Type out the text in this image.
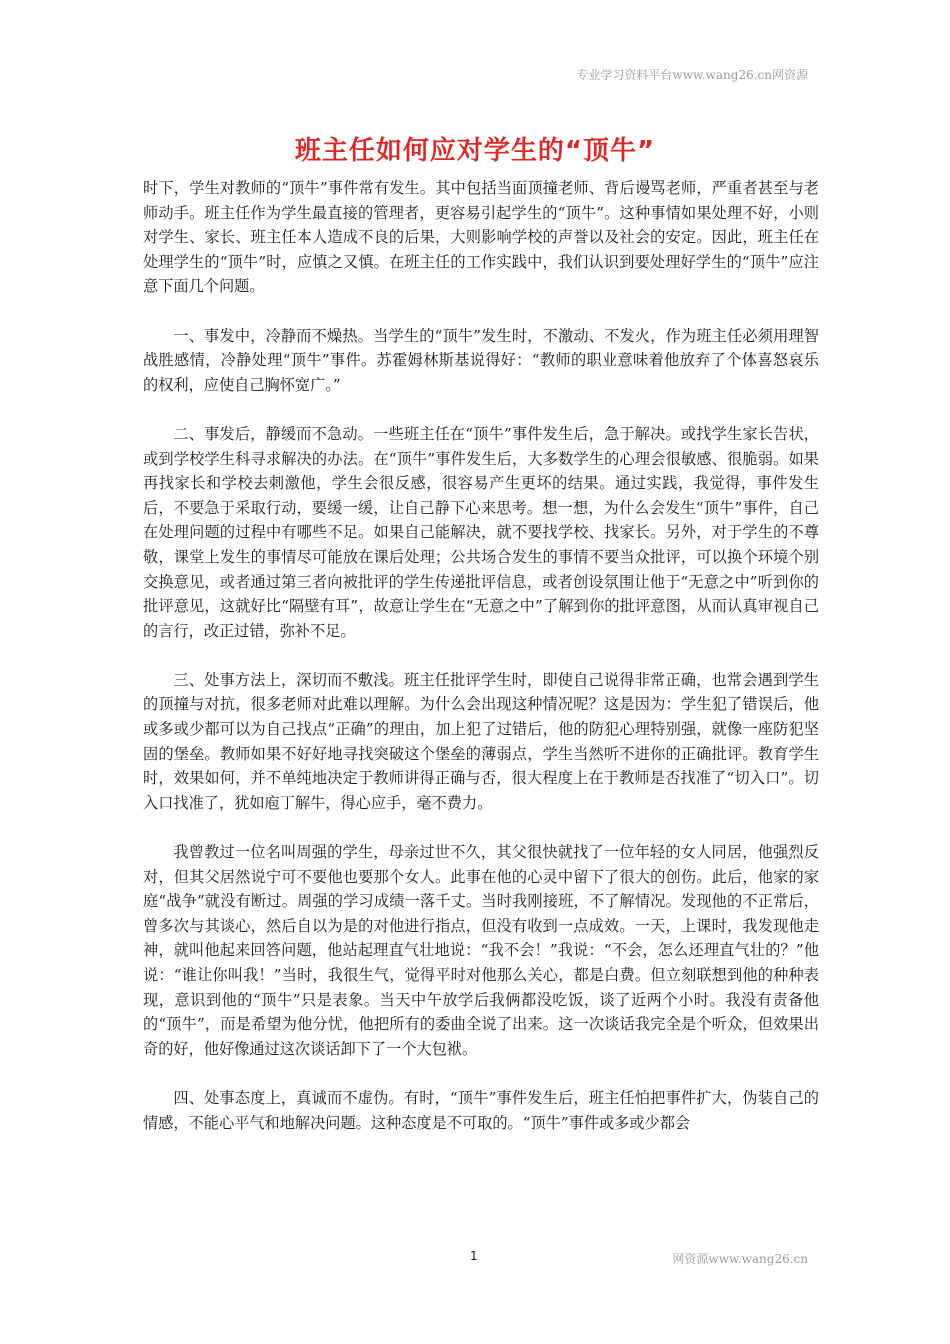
专业学习资料平台www.wang26.cn网资源
班主任如何应对学生的“顶牛”

时下，学生对教师的“顶牛”事件常有发生。其中包括当面顶撞老师、背后谩骂老师，严重者甚至与老师动手。班主任作为学生最直接的管理者，更容易引起学生的“顶牛”。这种事情如果处理不好，小则对学生、家长、班主任本人造成不良的后果，大则影响学校的声誉以及社会的安定。因此，班主任在处理学生的“顶牛”时，应慎之又慎。在班主任的工作实践中，我们认识到要处理好学生的“顶牛”应注意下面几个问题。

一、事发中，冷静而不燥热。当学生的“顶牛”发生时，不激动、不发火，作为班主任必须用理智战胜感情，冷静处理“顶牛”事件。苏霍姆林斯基说得好：“教师的职业意味着他放弃了个体喜怒哀乐的权利，应使自己胸怀宽广。”

二、事发后，静缓而不急动。一些班主任在“顶牛”事件发生后，急于解决。或找学生家长告状，或到学校学生科寻求解决的办法。在“顶牛”事件发生后，大多数学生的心理会很敏感、很脆弱。如果再找家长和学校去刺激他，学生会很反感，很容易产生更坏的结果。通过实践，我觉得，事件发生后，不要急于采取行动，要缓一缓，让自己静下心来思考。想一想，为什么会发生“顶牛”事件，自己在处理问题的过程中有哪些不足。如果自己能解决，就不要找学校、找家长。另外，对于学生的不尊敬，课堂上发生的事情尽可能放在课后处理；公共场合发生的事情不要当众批评，可以换个环境个别交换意见，或者通过第三者向被批评的学生传递批评信息，或者创设氛围让他于“无意之中”听到你的批评意见，这就好比“隔壁有耳”，故意让学生在“无意之中”了解到你的批评意图，从而认真审视自己的言行，改正过错，弥补不足。

三、处事方法上，深切而不敷浅。班主任批评学生时，即使自己说得非常正确，也常会遇到学生的顶撞与对抗，很多老师对此难以理解。为什么会出现这种情况呢？这是因为：学生犯了错误后，他或多或少都可以为自己找点“正确”的理由，加上犯了过错后，他的防犯心理特别强，就像一座防犯坚固的堡垒。教师如果不好好地寻找突破这个堡垒的薄弱点，学生当然听不进你的正确批评。教育学生时，效果如何，并不单纯地决定于教师讲得正确与否，很大程度上在于教师是否找准了“切入口”。切入口找准了，犹如庖丁解牛，得心应手，毫不费力。

我曾教过一位名叫周强的学生，母亲过世不久，其父很快就找了一位年轻的女人同居，他强烈反对，但其父居然说宁可不要他也要那个女人。此事在他的心灵中留下了很大的创伤。此后，他家的家庭“战争”就没有断过。周强的学习成绩一落千丈。当时我刚接班，不了解情况。发现他的不正常后，曾多次与其谈心，然后自以为是的对他进行指点，但没有收到一点成效。一天，上课时，我发现他走神，就叫他起来回答问题，他站起理直气壮地说：“我不会！”我说：“不会，怎么还理直气壮的？”他说：“谁让你叫我！”当时，我很生气，觉得平时对他那么关心，都是白费。但立刻联想到他的种种表现，意识到他的“顶牛”只是表象。当天中午放学后我俩都没吃饭，谈了近两个小时。我没有责备他的“顶牛”，而是希望为他分忧，他把所有的委曲全说了出来。这一次谈话我完全是个听众，但效果出奇的好，他好像通过这次谈话卸下了一个大包袱。

四、处事态度上，真诚而不虚伪。有时，“顶牛”事件发生后，班主任怕把事件扩大，伪装自己的情感，不能心平气和地解决问题。这种态度是不可取的。“顶牛”事件或多或少都会

1	网资源www.wang26.cn
